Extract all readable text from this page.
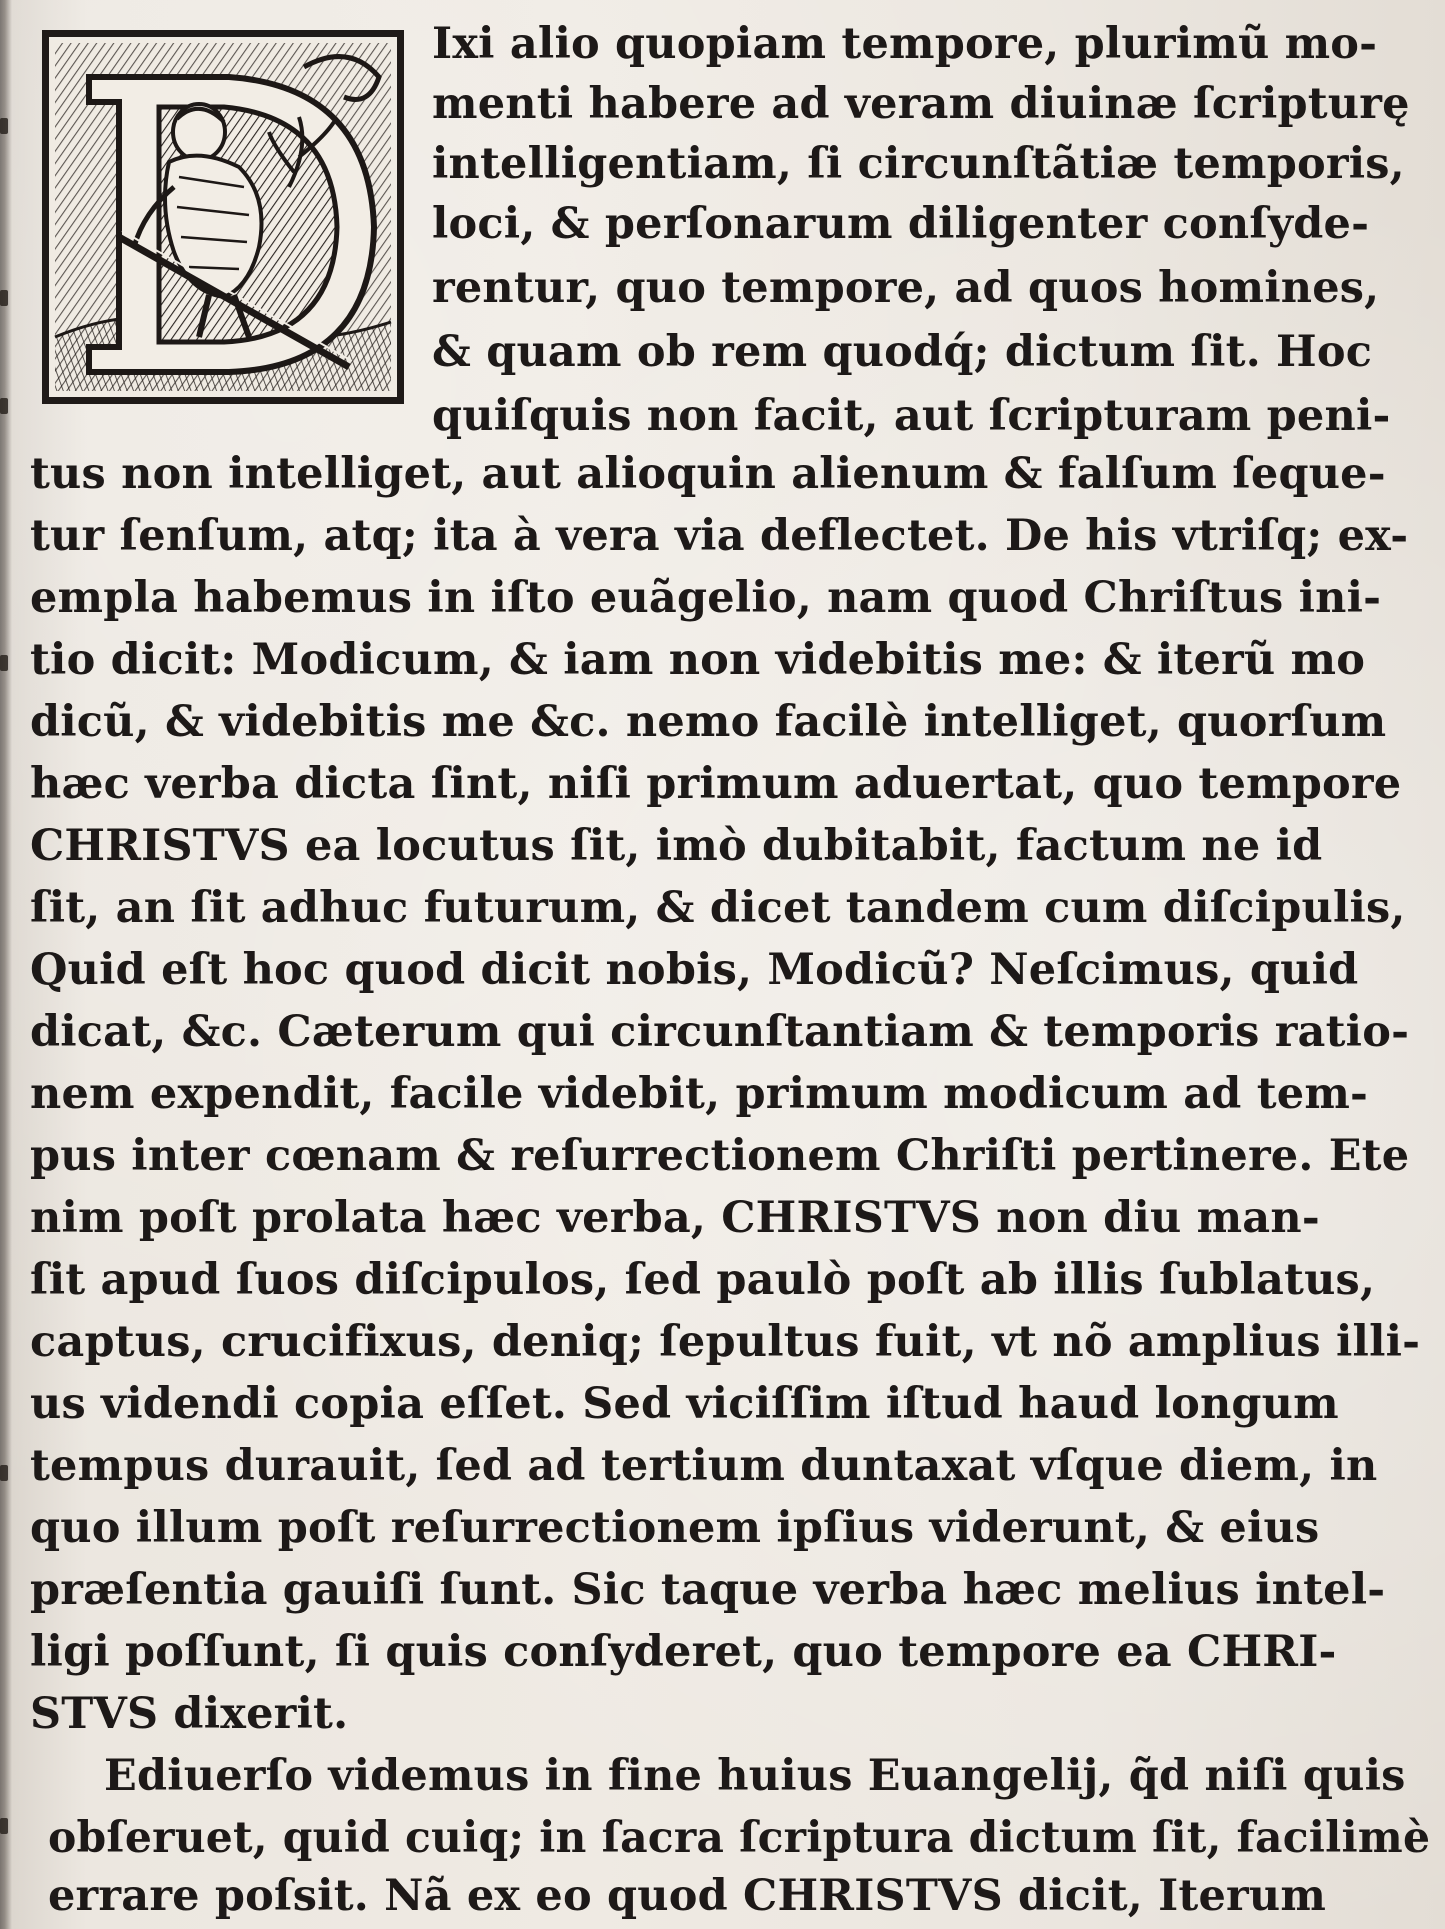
Ixi alio quopiam tempore, plurimũ mo-
menti habere ad veram diuinæ ſcripturę
intelligentiam, ſi circunſtãtiæ temporis,
loci, & perſonarum diligenter conſyde-
rentur, quo tempore, ad quos homines,
& quam ob rem quodq́; dictum ſit. Hoc
quiſquis non facit, aut ſcripturam peni-
tus non intelliget, aut alioquin alienum & falſum ſeque-
tur ſenſum, atq; ita à vera via deflectet. De his vtriſq; ex-
empla habemus in iſto euãgelio, nam quod Chriſtus ini-
tio dicit: Modicum, & iam non videbitis me: & iterũ mo
dicũ, & videbitis me &c. nemo facilè intelliget, quorſum
hæc verba dicta ſint, niſi primum aduertat, quo tempore
CHRISTVS ea locutus ſit, imò dubitabit, factum ne id
ſit, an ſit adhuc futurum, & dicet tandem cum diſcipulis,
Quid eſt hoc quod dicit nobis, Modicũ? Neſcimus, quid
dicat, &c. Cæterum qui circunſtantiam & temporis ratio-
nem expendit, facile videbit, primum modicum ad tem-
pus inter cœnam & reſurrectionem Chriſti pertinere. Ete
nim poſt prolata hæc verba, CHRISTVS non diu man-
ſit apud ſuos diſcipulos, ſed paulò poſt ab illis ſublatus,
captus, crucifixus, deniq; ſepultus fuit, vt nõ amplius illi-
us videndi copia eſſet. Sed viciſſim iſtud haud longum
tempus durauit, ſed ad tertium duntaxat vſque diem, in
quo illum poſt reſurrectionem ipſius viderunt, & eius
præſentia gauiſi ſunt. Sic taque verba hæc melius intel-
ligi poſſunt, ſi quis conſyderet, quo tempore ea CHRI-
STVS dixerit.
Ediuerſo videmus in fine huius Euangelij, q̃d niſi quis
obſeruet, quid cuiq; in ſacra ſcriptura dictum ſit, facilimè
errare poſsit. Nã ex eo quod CHRISTVS dicit, Iterum
